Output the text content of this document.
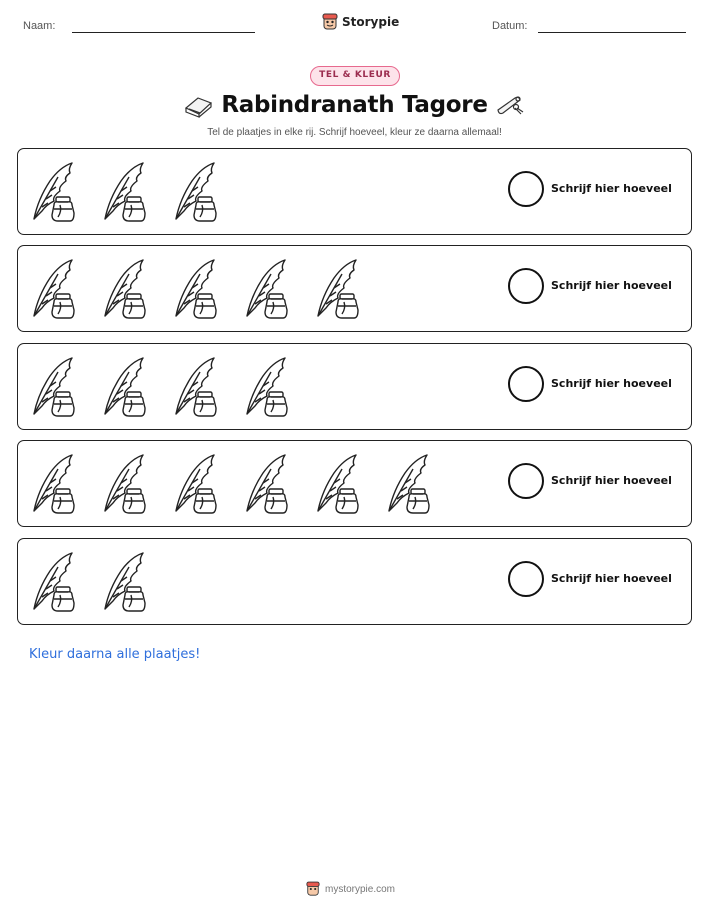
Naam:	Datum:
Storypie
TEL & KLEUR
Rabindranath Tagore
Tel de plaatjes in elke rij. Schrijf hoeveel, kleur ze daarna allemaal!
Schrijf hier hoeveel
Schrijf hier hoeveel
Schrijf hier hoeveel
Schrijf hier hoeveel
Schrijf hier hoeveel
Kleur daarna alle plaatjes!
mystorypie.com
